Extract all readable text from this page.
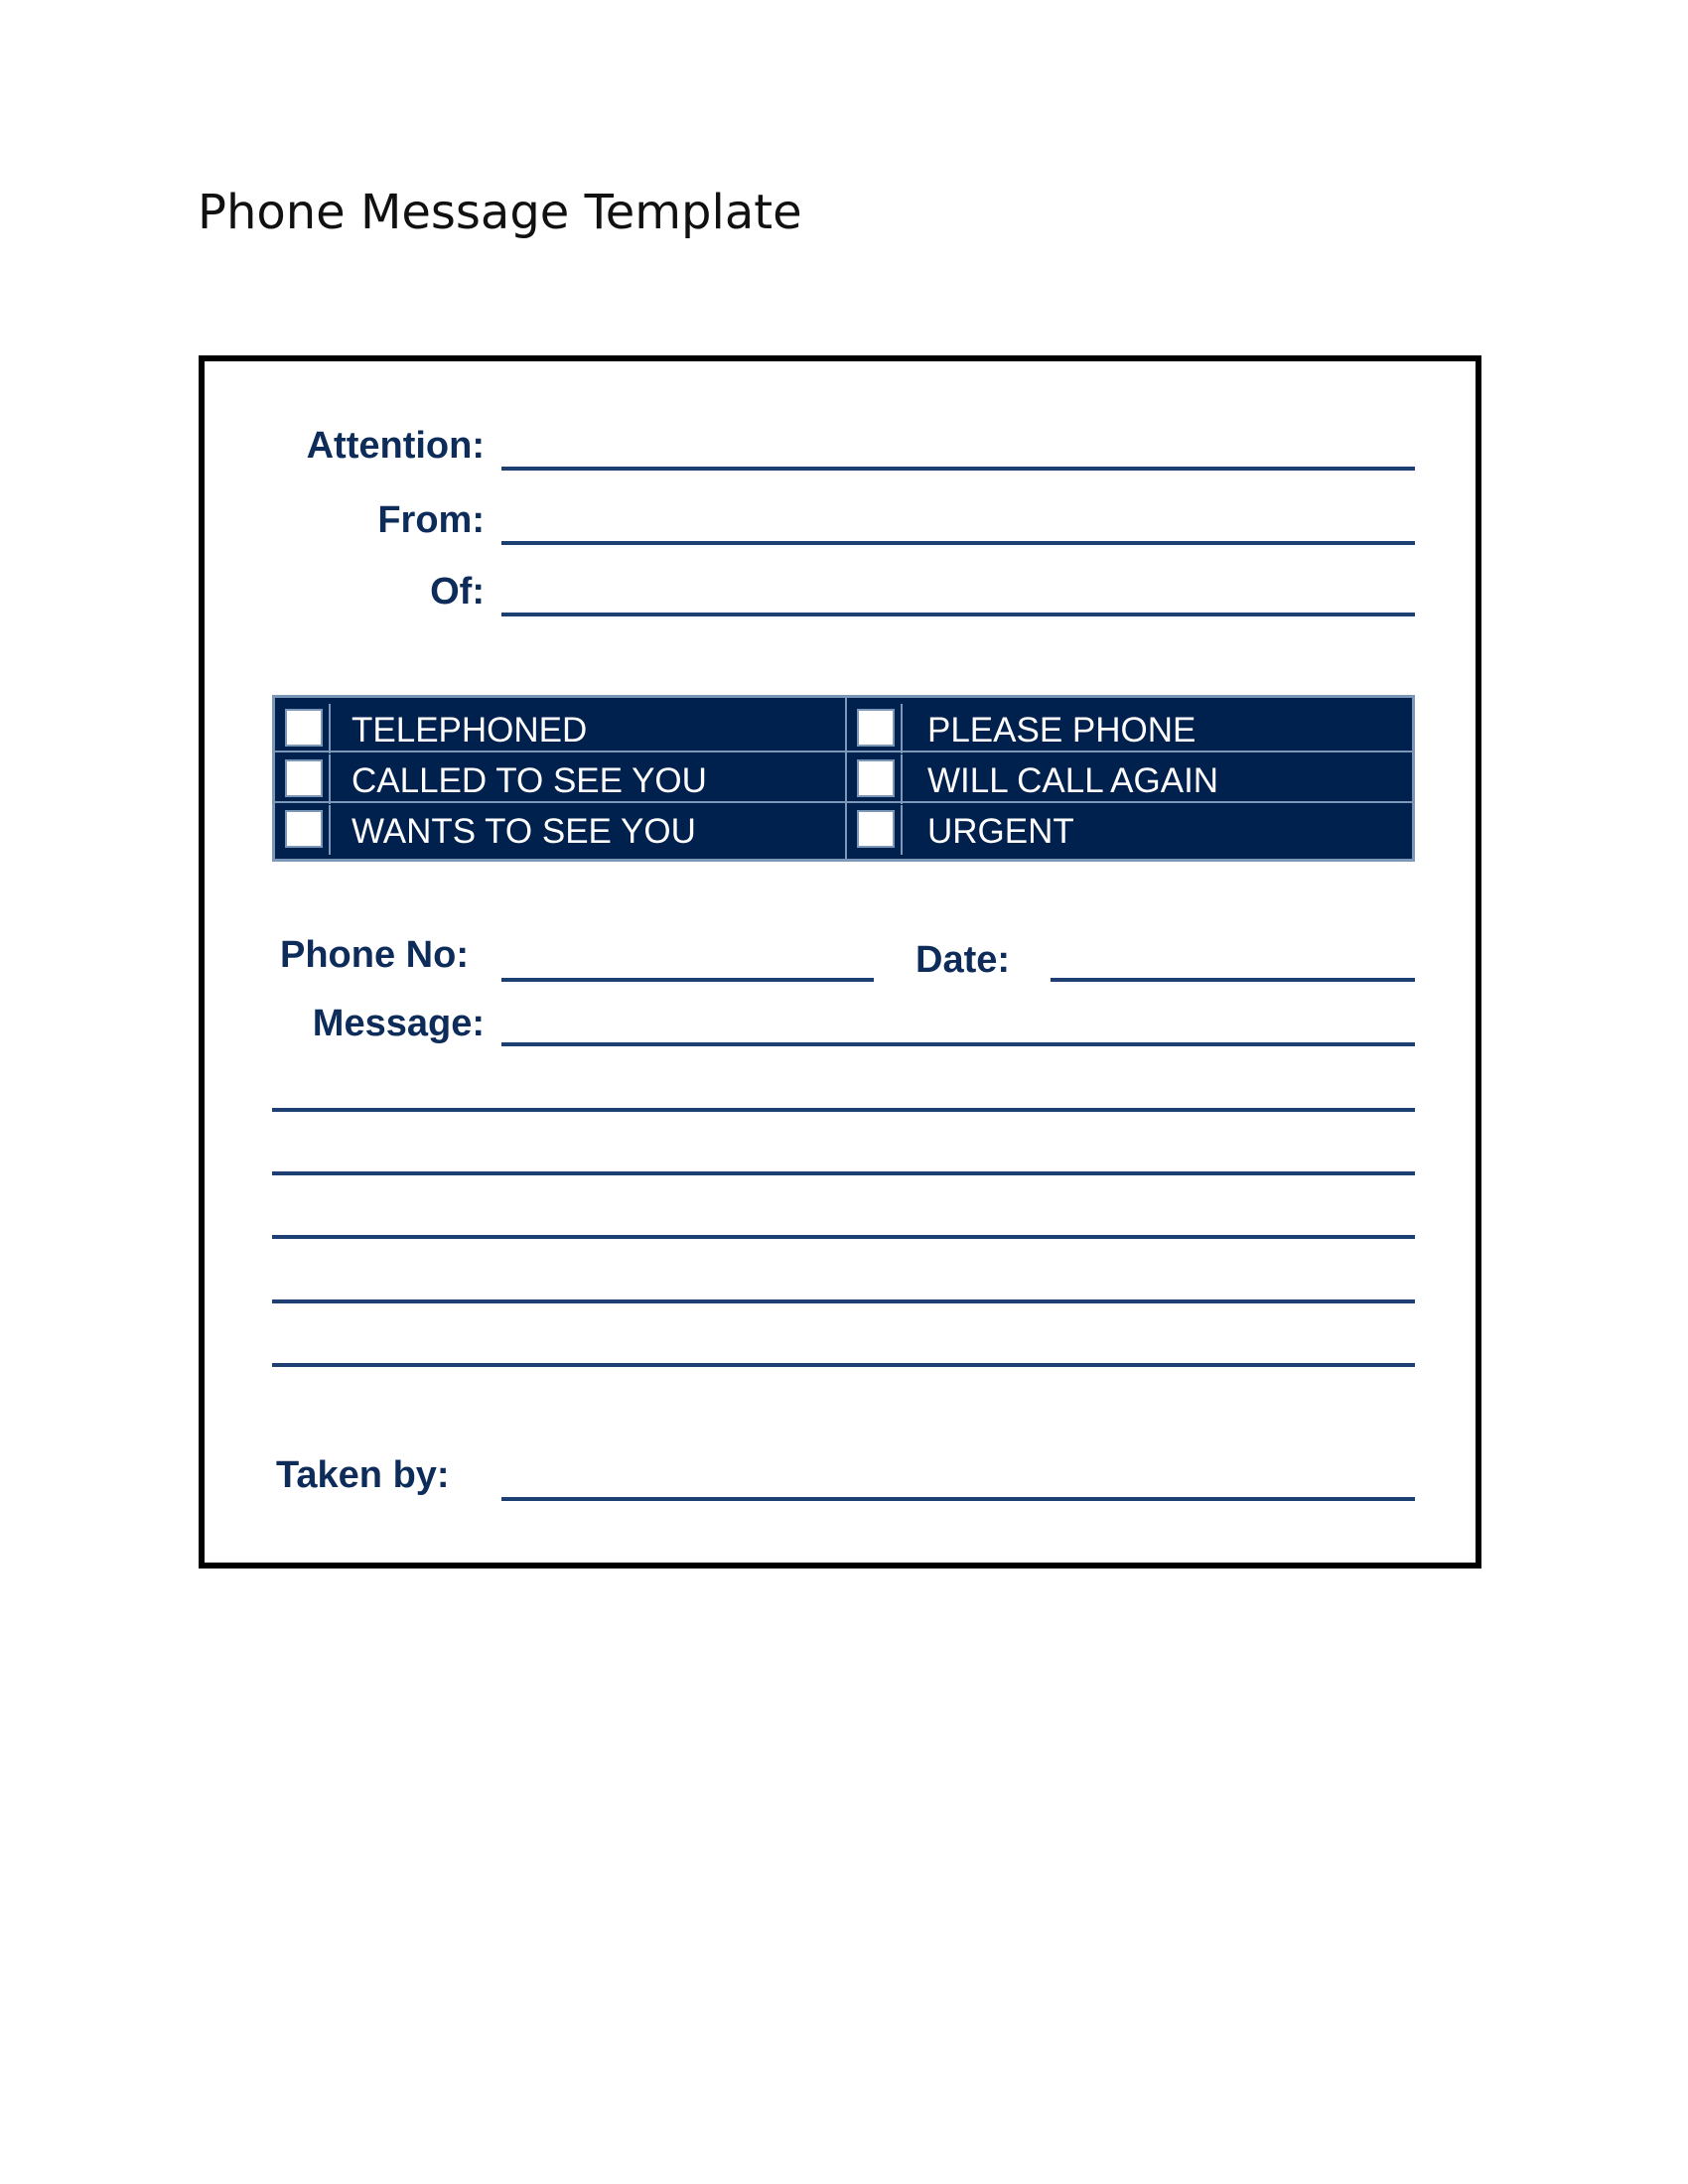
Phone Message Template
Attention:
From:
Of:
TELEPHONED	PLEASE PHONE
CALLED TO SEE YOU	WILL CALL AGAIN
WANTS TO SEE YOU	URGENT
Phone No:	Date:
Message:
Taken by:
